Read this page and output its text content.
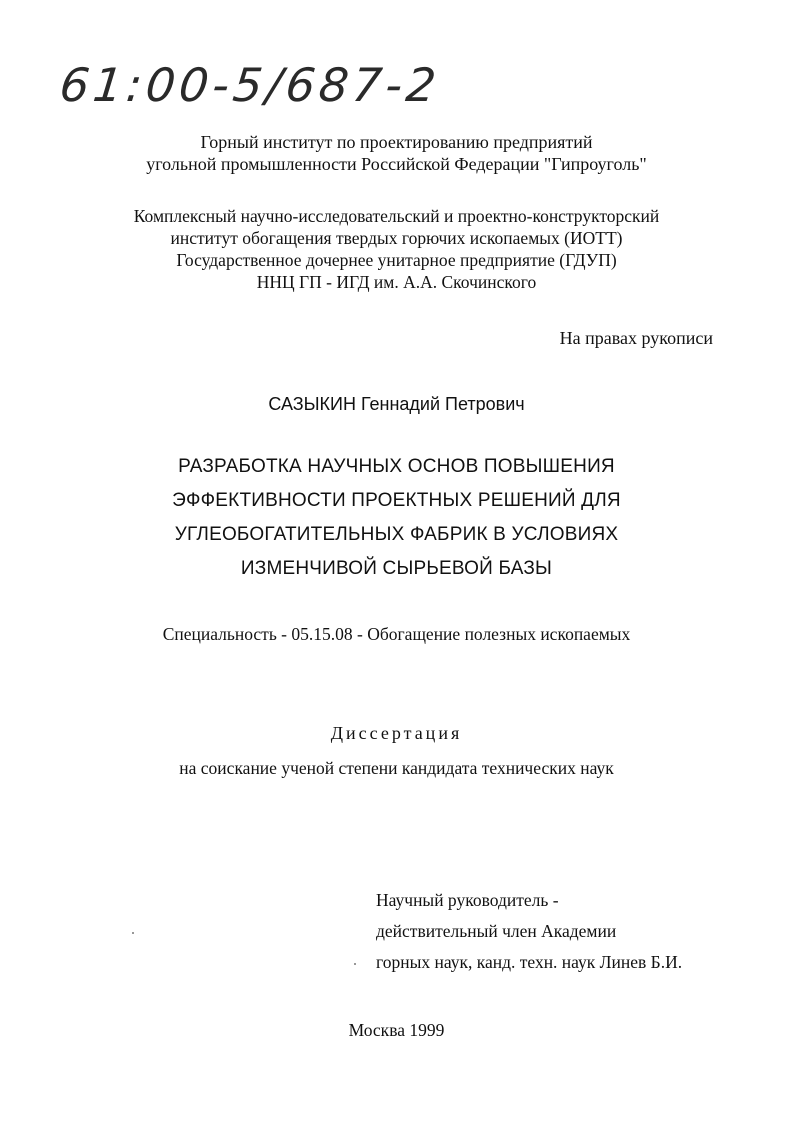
61:00-5/687-2
Горный институт по проектированию предприятий
угольной промышленности Российской Федерации "Гипроуголь"
Комплексный научно-исследовательский и проектно-конструкторский
институт обогащения твердых горючих ископаемых (ИОТТ)
Государственное дочернее унитарное предприятие (ГДУП)
ННЦ ГП - ИГД им. А.А. Скочинского
На правах рукописи
САЗЫКИН Геннадий Петрович
РАЗРАБОТКА НАУЧНЫХ ОСНОВ ПОВЫШЕНИЯ
ЭФФЕКТИВНОСТИ ПРОЕКТНЫХ РЕШЕНИЙ ДЛЯ
УГЛЕОБОГАТИТЕЛЬНЫХ ФАБРИК В УСЛОВИЯХ
ИЗМЕНЧИВОЙ СЫРЬЕВОЙ БАЗЫ
Специальность - 05.15.08 - Обогащение полезных ископаемых
Диссертация
на соискание ученой степени кандидата технических наук
Научный руководитель -
действительный член Академии
горных наук, канд. техн. наук Линев Б.И.
Москва 1999
